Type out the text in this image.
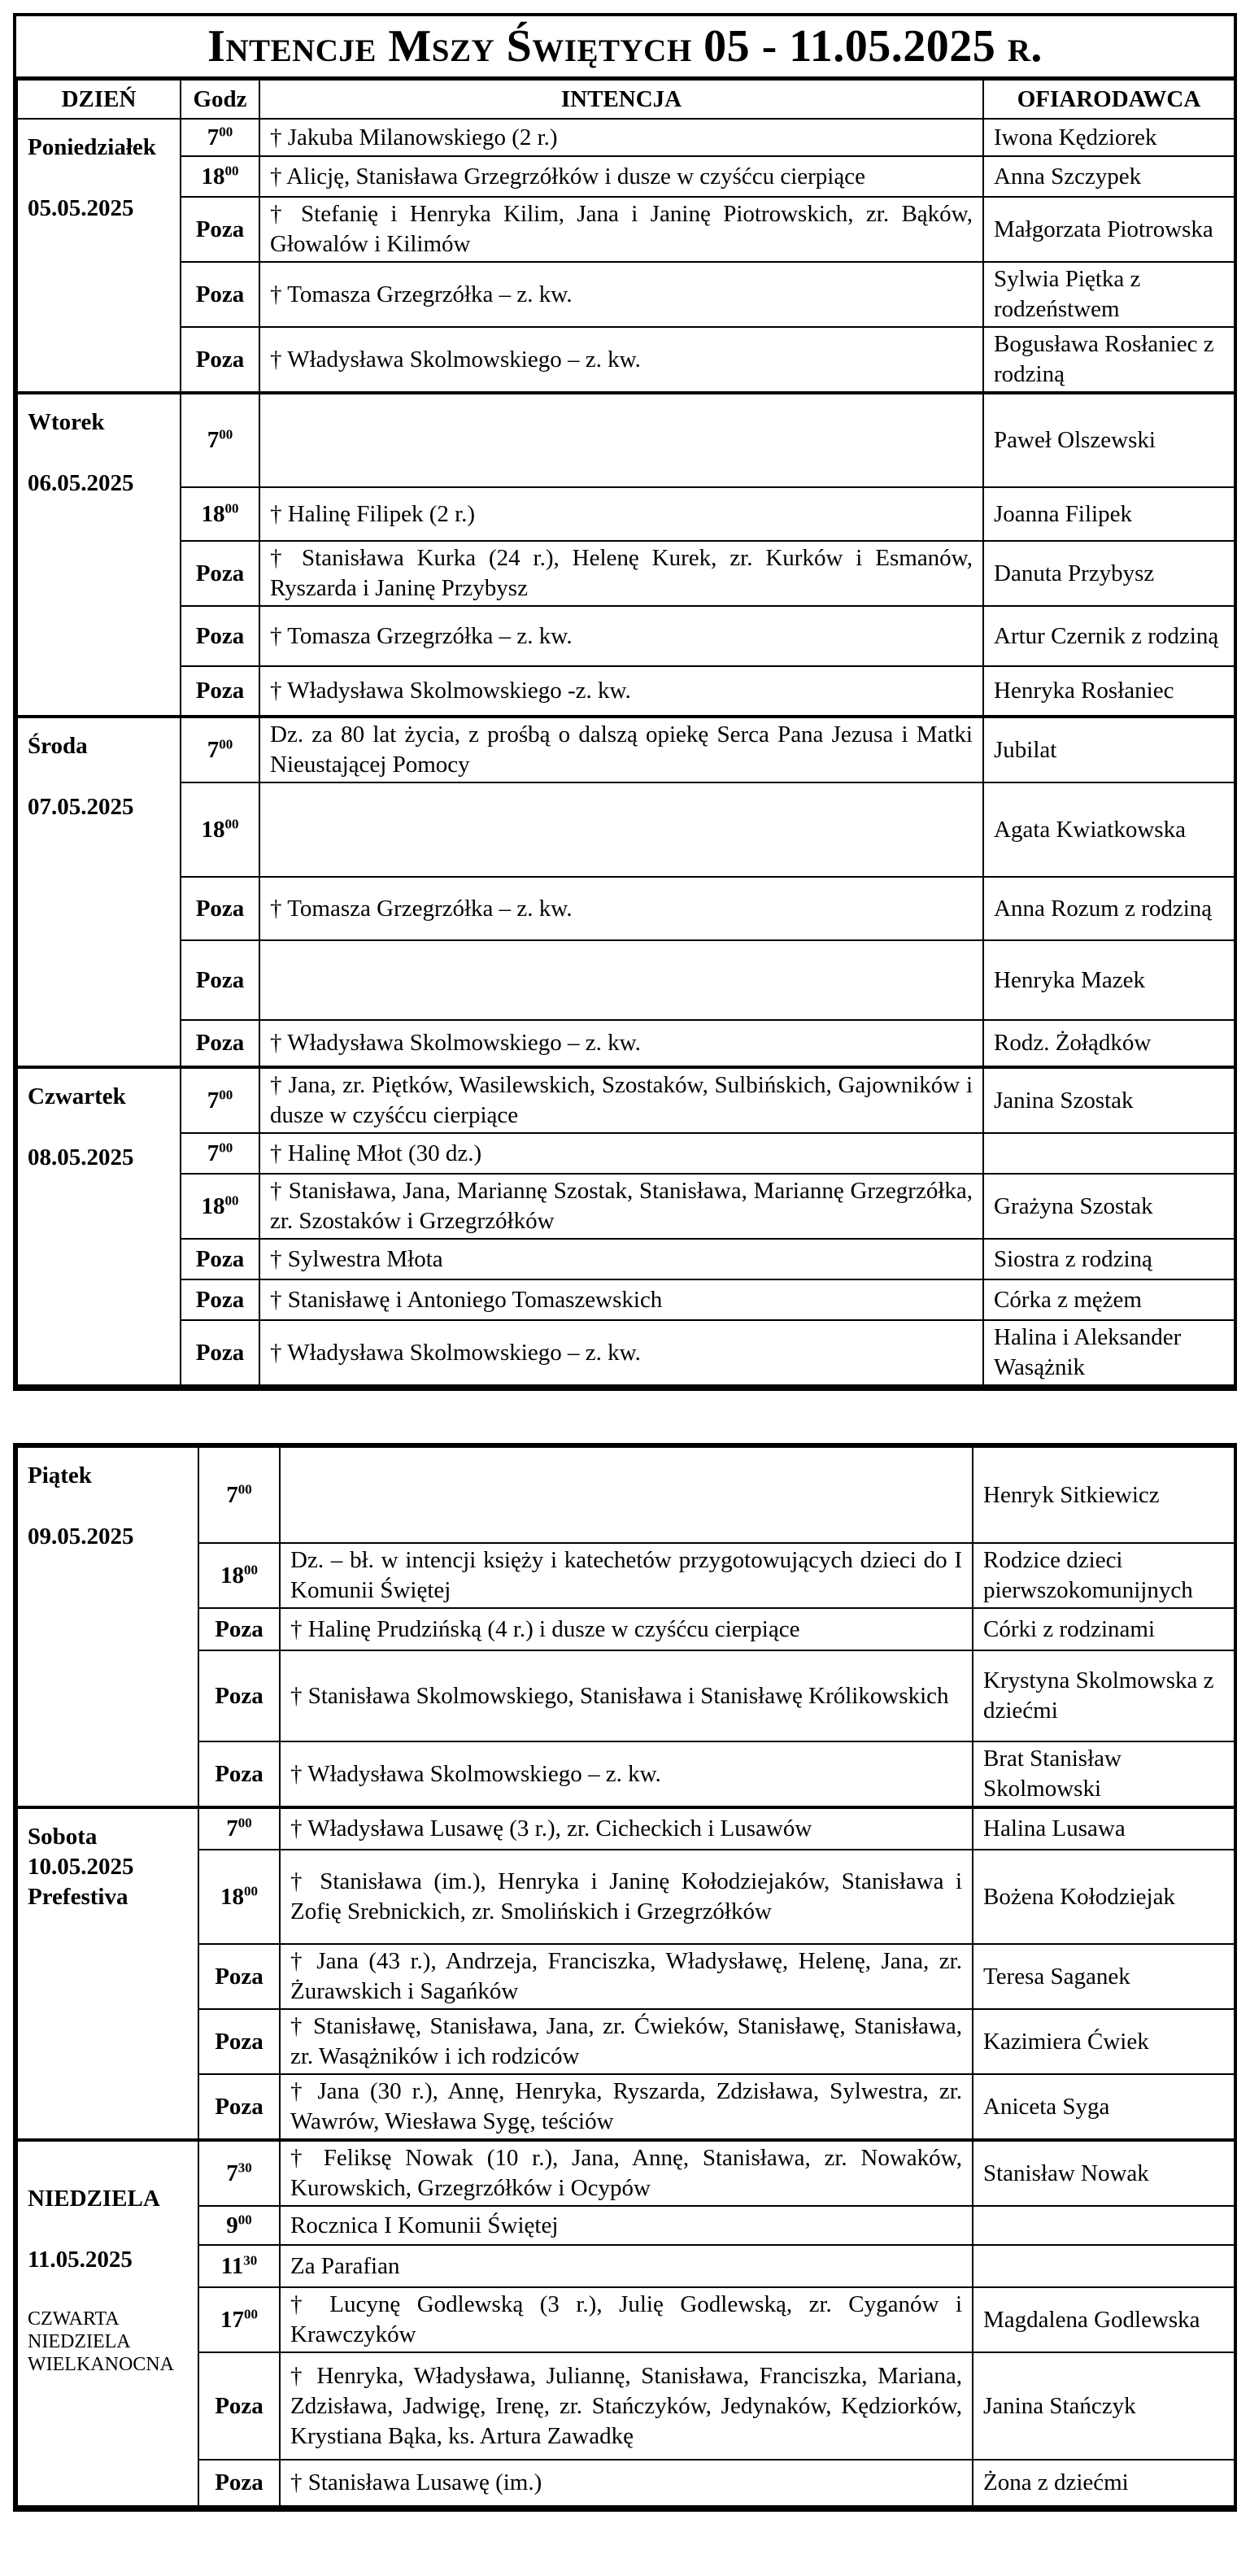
Intencje Mszy Świętych 05 - 11.05.2025 r.
DZIEŃ	Godz	INTENCJA	OFIARODAWCA

Poniedziałek
05.05.2025	$7^{00}$	† Jakuba Milanowskiego (2 r.)	Iwona Kędziorek
	$18^{00}$	† Alicję, Stanisława Grzegrzółków i dusze w czyśćcu cierpiące	Anna Szczypek
	Poza	† Stefanię i Henryka Kilim, Jana i Janinę Piotrowskich, zr. Bąków, Głowalów i Kilimów	Małgorzata Piotrowska
	Poza	† Tomasza Grzegrzółka – z. kw.	Sylwia Piętka z rodzeństwem
	Poza	† Władysława Skolmowskiego – z. kw.	Bogusława Rosłaniec z rodziną

Wtorek
06.05.2025	$7^{00}$		Paweł Olszewski
	$18^{00}$	† Halinę Filipek (2 r.)	Joanna Filipek
	Poza	† Stanisława Kurka (24 r.), Helenę Kurek, zr. Kurków i Esmanów, Ryszarda i Janinę Przybysz	Danuta Przybysz
	Poza	† Tomasza Grzegrzółka – z. kw.	Artur Czernik z rodziną
	Poza	† Władysława Skolmowskiego -z. kw.	Henryka Rosłaniec

Środa
07.05.2025	$7^{00}$	Dz. za 80 lat życia, z prośbą o dalszą opiekę Serca Pana Jezusa i Matki Nieustającej Pomocy	Jubilat
	$18^{00}$		Agata Kwiatkowska
	Poza	† Tomasza Grzegrzółka – z. kw.	Anna Rozum z rodziną
	Poza		Henryka Mazek
	Poza	† Władysława Skolmowskiego – z. kw.	Rodz. Żołądków

Czwartek
08.05.2025	$7^{00}$	† Jana, zr. Piętków, Wasilewskich, Szostaków, Sulbińskich, Gajowników i dusze w czyśćcu cierpiące	Janina Szostak
	$7^{00}$	† Halinę Młot (30 dz.)	
	$18^{00}$	† Stanisława, Jana, Mariannę Szostak, Stanisława, Mariannę Grzegrzółka, zr. Szostaków i Grzegrzółków	Grażyna Szostak
	Poza	† Sylwestra Młota	Siostra z rodziną
	Poza	† Stanisławę i Antoniego Tomaszewskich	Córka z mężem
	Poza	† Władysława Skolmowskiego – z. kw.	Halina i Aleksander Wasążnik
Piątek
09.05.2025	$7^{00}$		Henryk Sitkiewicz
	$18^{00}$	Dz. – bł. w intencji księży i katechetów przygotowujących dzieci do I Komunii Świętej	Rodzice dzieci pierwszokomunijnych
	Poza	† Halinę Prudzińską (4 r.) i dusze w czyśćcu cierpiące	Córki z rodzinami
	Poza	† Stanisława Skolmowskiego, Stanisława i Stanisławę Królikowskich	Krystyna Skolmowska z dziećmi
	Poza	† Władysława Skolmowskiego – z. kw.	Brat Stanisław Skolmowski

Sobota
10.05.2025
Prefestiva	$7^{00}$	† Władysława Lusawę (3 r.), zr. Cicheckich i Lusawów	Halina Lusawa
	$18^{00}$	† Stanisława (im.), Henryka i Janinę Kołodziejaków, Stanisława i Zofię Srebnickich, zr. Smolińskich i Grzegrzółków	Bożena Kołodziejak
	Poza	† Jana (43 r.), Andrzeja, Franciszka, Władysławę, Helenę, Jana, zr. Żurawskich i Sagańków	Teresa Saganek
	Poza	† Stanisławę, Stanisława, Jana, zr. Ćwieków, Stanisławę, Stanisława, zr. Wasążników i ich rodziców	Kazimiera Ćwiek
	Poza	† Jana (30 r.), Annę, Henryka, Ryszarda, Zdzisława, Sylwestra, zr. Wawrów, Wiesława Sygę, teściów	Aniceta Syga

NIEDZIELA
11.05.2025
CZWARTA NIEDZIELA WIELKANOCNA	$7^{30}$	† Feliksę Nowak (10 r.), Jana, Annę, Stanisława, zr. Nowaków, Kurowskich, Grzegrzółków i Ocypów	Stanisław Nowak
	$9^{00}$	Rocznica I Komunii Świętej	
	$11^{30}$	Za Parafian	
	$17^{00}$	† Lucynę Godlewską (3 r.), Julię Godlewską, zr. Cyganów i Krawczyków	Magdalena Godlewska
	Poza	† Henryka, Władysława, Juliannę, Stanisława, Franciszka, Mariana, Zdzisława, Jadwigę, Irenę, zr. Stańczyków, Jedynaków, Kędziorków, Krystiana Bąka, ks. Artura Zawadkę	Janina Stańczyk
	Poza	† Stanisława Lusawę (im.)	Żona z dziećmi
